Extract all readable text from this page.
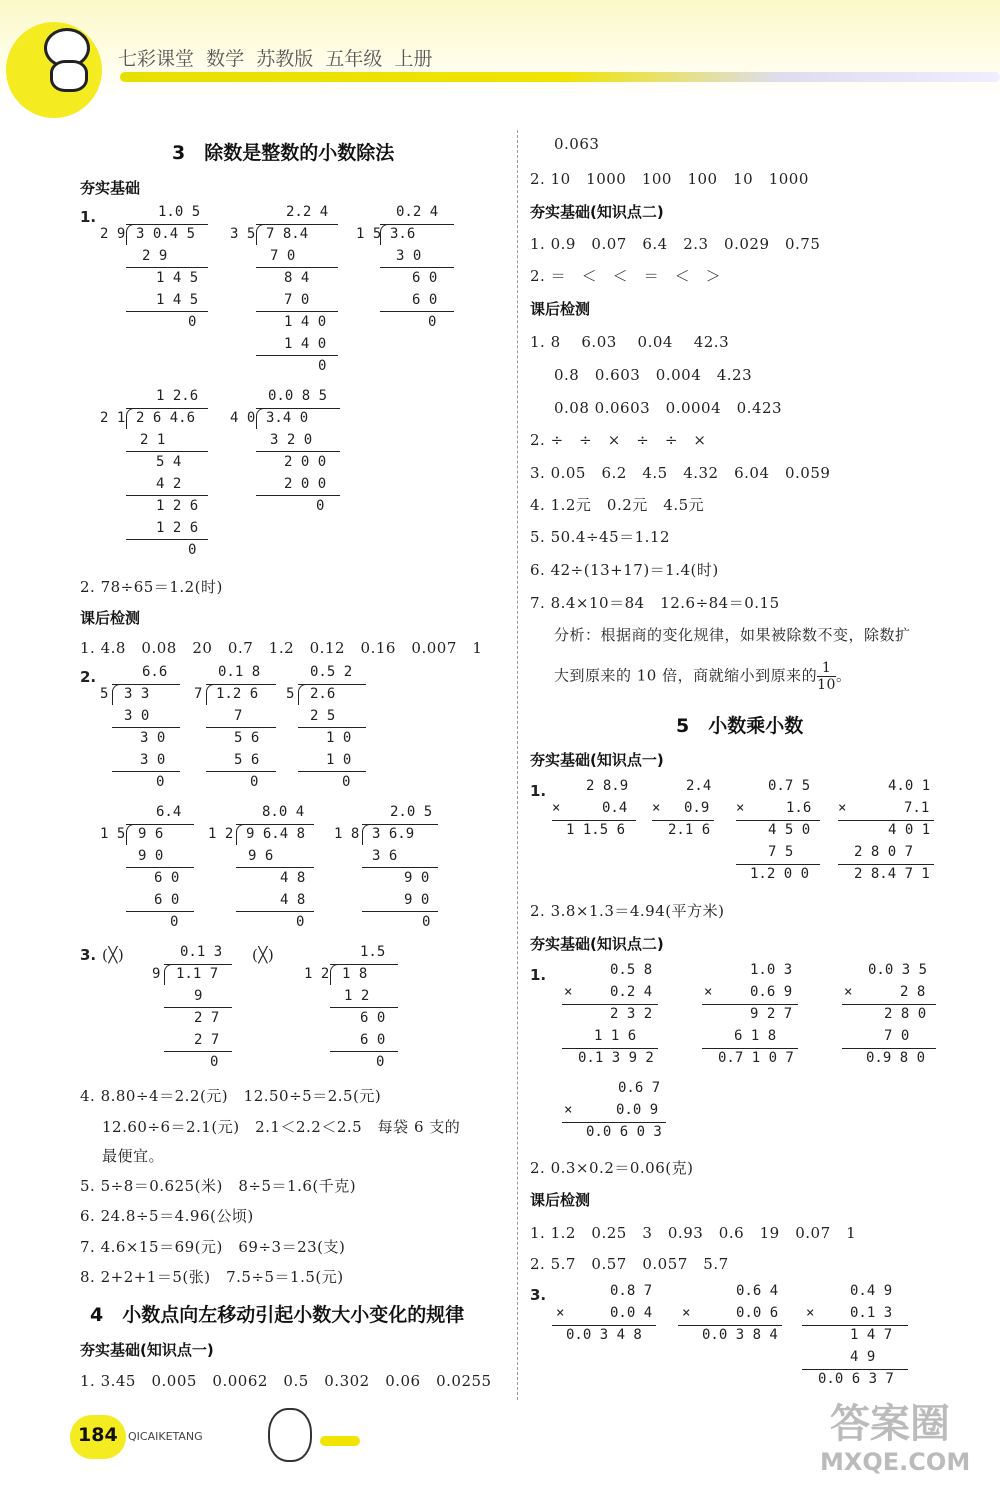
七彩课堂 数学 苏教版 五年级 上册
3　除数是整数的小数除法
夯实基础
1.	1.0 5
2 9 3 0.4 5
2 9
1 4 5
1 4 5
0
2.2 4
3 5 7 8.4
7 0
8 4
7 0
1 4 0
1 4 0
0
0.2 4
1 5 3.6
3 0
6 0
6 0
0
1 2.6
2 1 2 6 4.6
2 1
5 4
4 2
1 2 6
1 2 6
0
0.0 8 5
4 0 3.4 0
3 2 0
2 0 0
2 0 0
0
2. 78÷65＝1.2(时)
课后检测
1. 4.8　0.08　20　0.7　1.2　0.12　0.16　0.007　1
2.	6.6
5 3 3
3 0
3 0
3 0
0
0.1 8
7 1.2 6
7
5 6
5 6
0
0.5 2
5 2.6
2 5
1 0
1 0
0
6.4
1 5 9 6
9 0
6 0
6 0
0
8.0 4
1 2 9 6.4 8
9 6
4 8
4 8
0
2.0 5
1 8 3 6.9
3 6
9 0
9 0
0
3. (╳)	0.1 3
9 1.1 7
9
2 7
2 7
0
(╳)	1.5
1 2 1 8
1 2
6 0
6 0
0
4. 8.80÷4＝2.2(元)　12.50÷5＝2.5(元)
12.60÷6＝2.1(元)　2.1＜2.2＜2.5　每袋 6 支的
最便宜。
5. 5÷8＝0.625(米)　8÷5＝1.6(千克)
6. 24.8÷5＝4.96(公顷)
7. 4.6×15＝69(元)　69÷3＝23(支)
8. 2+2+1＝5(张)　7.5÷5＝1.5(元)
4　小数点向左移动引起小数大小变化的规律
夯实基础(知识点一)
1. 3.45　0.005　0.0062　0.5　0.302　0.06　0.0255
0.063
2. 10　1000　100　100　10　1000
夯实基础(知识点二)
1. 0.9　0.07　6.4　2.3　0.029　0.75
2. ＝　＜　＜　＝　＜　＞
课后检测
1. 8　 6.03　 0.04　 42.3
0.8　0.603　0.004　4.23
0.08 0.0603　0.0004　0.423
2. ÷　÷　×　÷　÷　×
3. 0.05　6.2　4.5　4.32　6.04　0.059
4. 1.2元　0.2元　4.5元
5. 50.4÷45＝1.12
6. 42÷(13+17)＝1.4(时)
7. 8.4×10＝84　12.6÷84＝0.15
分析：根据商的变化规律，如果被除数不变，除数扩
大到原来的 10 倍，商就缩小到原来的 $\frac{1}{10}$ 。
5　小数乘小数
夯实基础(知识点一)
1.	2 8.9
×	0.4
1 1.5 6
2.4
× 0.9
2.1 6
0.7 5
×	1.6
4 5 0
7 5
1.2 0 0
4.0 1
×	7.1
4 0 1
2 8 0 7
2 8.4 7 1
2. 3.8×1.3＝4.94(平方米)
夯实基础(知识点二)
1.	0.5 8
×	0.2 4
2 3 2
1 1 6
0.1 3 9 2
1.0 3
×	0.6 9
9 2 7
6 1 8
0.7 1 0 7
0.0 3 5
×	2 8
2 8 0
7 0
0.9 8 0
0.6 7
×	0.0 9
0.0 6 0 3
2. 0.3×0.2＝0.06(克)
课后检测
1. 1.2　0.25　3　0.93　0.6　19　0.07　1
2. 5.7　0.57　0.057　5.7
3.	0.8 7
×	0.0 4
0.0 3 4 8
0.6 4
×	0.0 6
0.0 3 8 4
0.4 9
×	0.1 3
1 4 7
4 9
0.0 6 3 7
184 QICAIKETANG	答案圈
MXQE.COM
